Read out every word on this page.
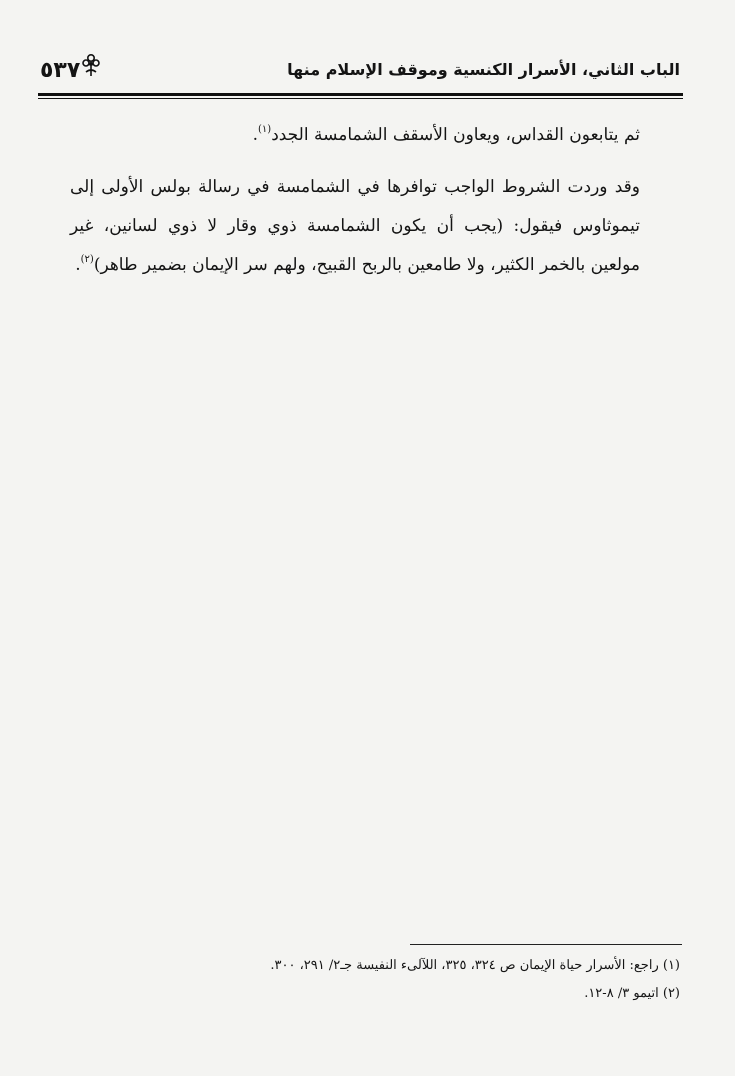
٥٣٧	الباب الثاني، الأسرار الكنسية وموقف الإسلام منها

ثم يتابعون القداس، ويعاون الأسقف الشمامسة الجدد$^{(١)}$.

وقد وردت الشروط الواجب توافرها في الشمامسة في رسالة بولس الأولى إلى تيموثاوس فيقول: (يجب أن يكون الشمامسة ذوي وقار لا ذوي لسانين، غير مولعين بالخمر الكثير، ولا طامعين بالربح القبيح، ولهم سر الإيمان بضمير طاهر)$^{(٢)}$.

(١) راجع: الأسرار حياة الإيمان ص ٣٢٤، ٣٢٥، اللآلىء النفيسة جـ٢/ ٢٩١، ٣٠٠.

(٢) اتيمو ٣/ ٨-١٢.
